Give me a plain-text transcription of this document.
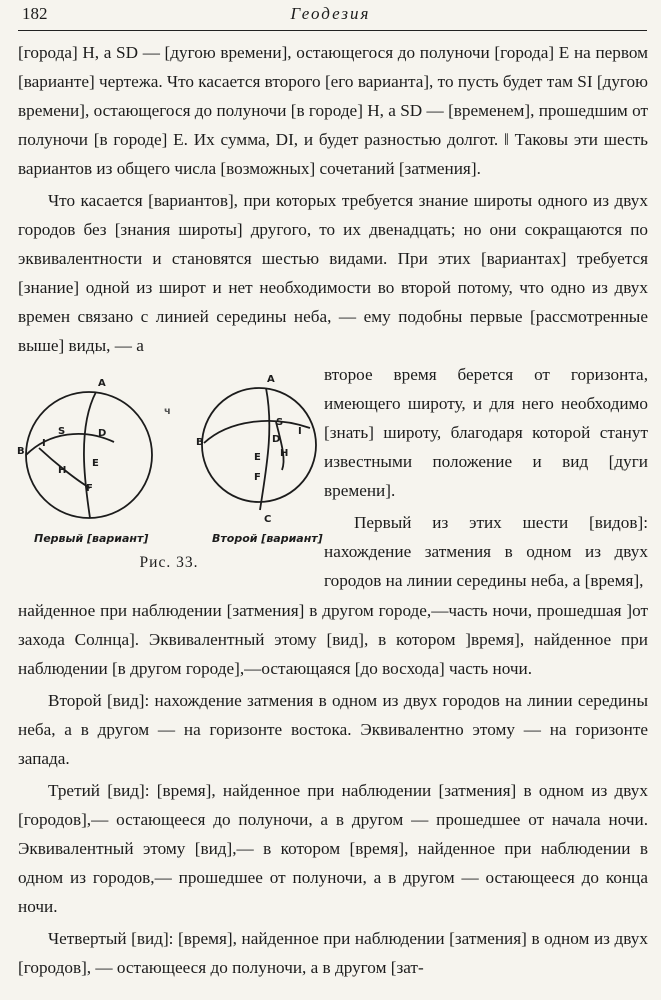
182	Геодезия

[города] H, а SD — [дугою времени], остающегося до полуночи [города] E на первом [варианте] чертежа. Что касается второго [его варианта], то пусть будет там SI [дугою времени], остающегося до полуночи [в городе] H, а SD — [временем], прошедшим от полуночи [в городе] E. Их сумма, DI, и будет разностью долгот. ‖ Таковы эти шесть вариантов из общего числа [возможных] сочетаний [затмения].

Что касается [вариантов], при которых требуется знание широты одного из двух городов без [знания широты] другого, то их двенадцать; но они сокращаются по эквивалентности и становятся шестью видами. При этих [вариантах] требуется [знание] одной из широт и нет необходимости во второй потому, что одно из двух времен связано с линией середины неба, — ему подобны первые [рассмотренные выше] виды, — а

A
S	D
B
I
H
E
F
ч
A
S
I
B	D
H
E
F
C
Первый [вариант]	Второй [вариант]
Рис. 33.

второе время берется от горизонта, имеющего широту, и для него необходимо [знать] широту, благодаря которой станут известными положение и вид [дуги времени].

Первый из этих шести [видов]: нахождение затмения в одном из двух городов на линии середины неба, а [время],

найденное при наблюдении [затмения] в другом городе,—часть ночи, прошедшая ]от захода Солнца]. Эквивалентный этому [вид], в котором ]время], найденное при наблюдении [в другом городе],—остающаяся [до восхода] часть ночи.

Второй [вид]: нахождение затмения в одном из двух городов на линии середины неба, а в другом — на горизонте востока. Эквивалентно этому — на горизонте запада.

Третий [вид]: [время], найденное при наблюдении [затмения] в одном из двух [городов],— остающееся до полуночи, а в другом — прошедшее от начала ночи. Эквивалентный этому [вид],— в котором [время], найденное при наблюдении в одном из городов,— прошедшее от полуночи, а в другом — остающееся до конца ночи.

Четвертый [вид]: [время], найденное при наблюдении [затмения] в одном из двух [городов], — остающееся до полуночи, а в другом [зат-
